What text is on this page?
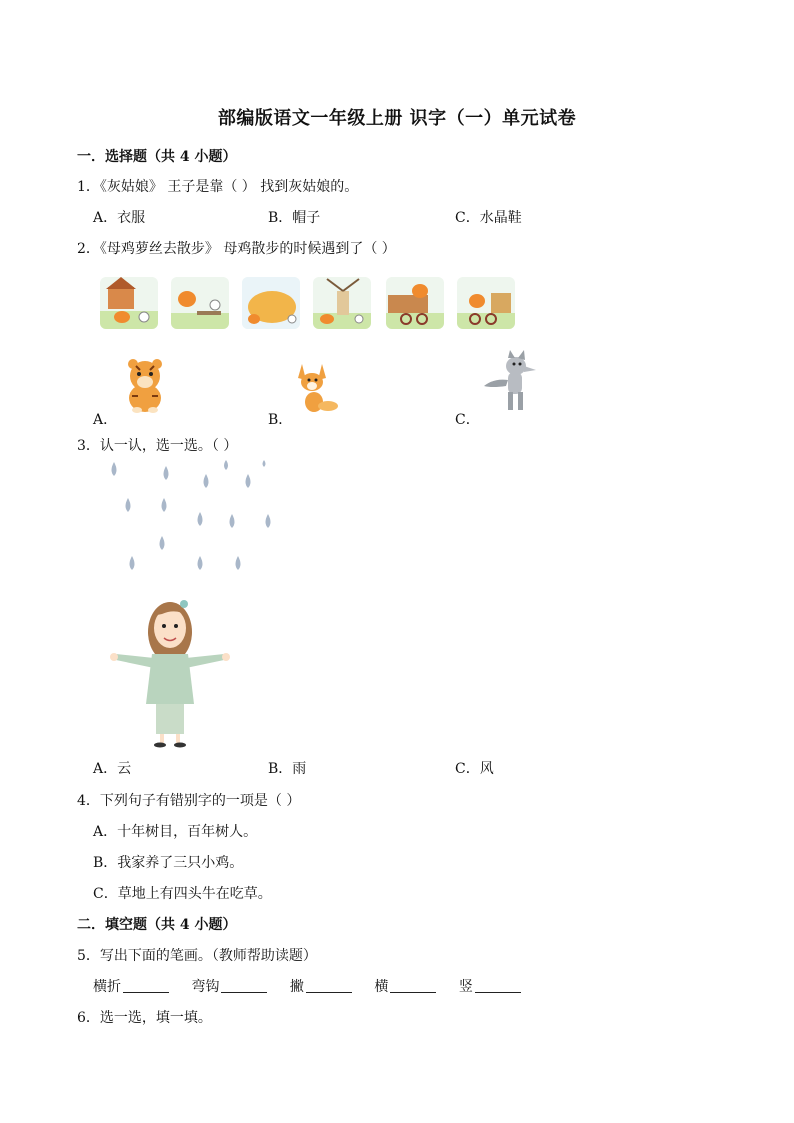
部编版语文一年级上册 识字（一）单元试卷
一．选择题（共 4 小题）
1．《灰姑娘》 王子是靠（ ） 找到灰姑娘的。
A．衣服	B．帽子	C．水晶鞋
2．《母鸡萝丝去散步》 母鸡散步的时候遇到了（ ）
A．	B．	C．
3．认一认，选一选。（ ）
A．云	B．雨	C．风
4．下列句子有错别字的一项是（ ）
A．十年树目，百年树人。
B．我家养了三只小鸡。
C．草地上有四头牛在吃草。
二．填空题（共 4 小题）
5．写出下面的笔画。（教师帮助读题）
横折	弯钩	撇	横	竖
6．选一选，填一填。
